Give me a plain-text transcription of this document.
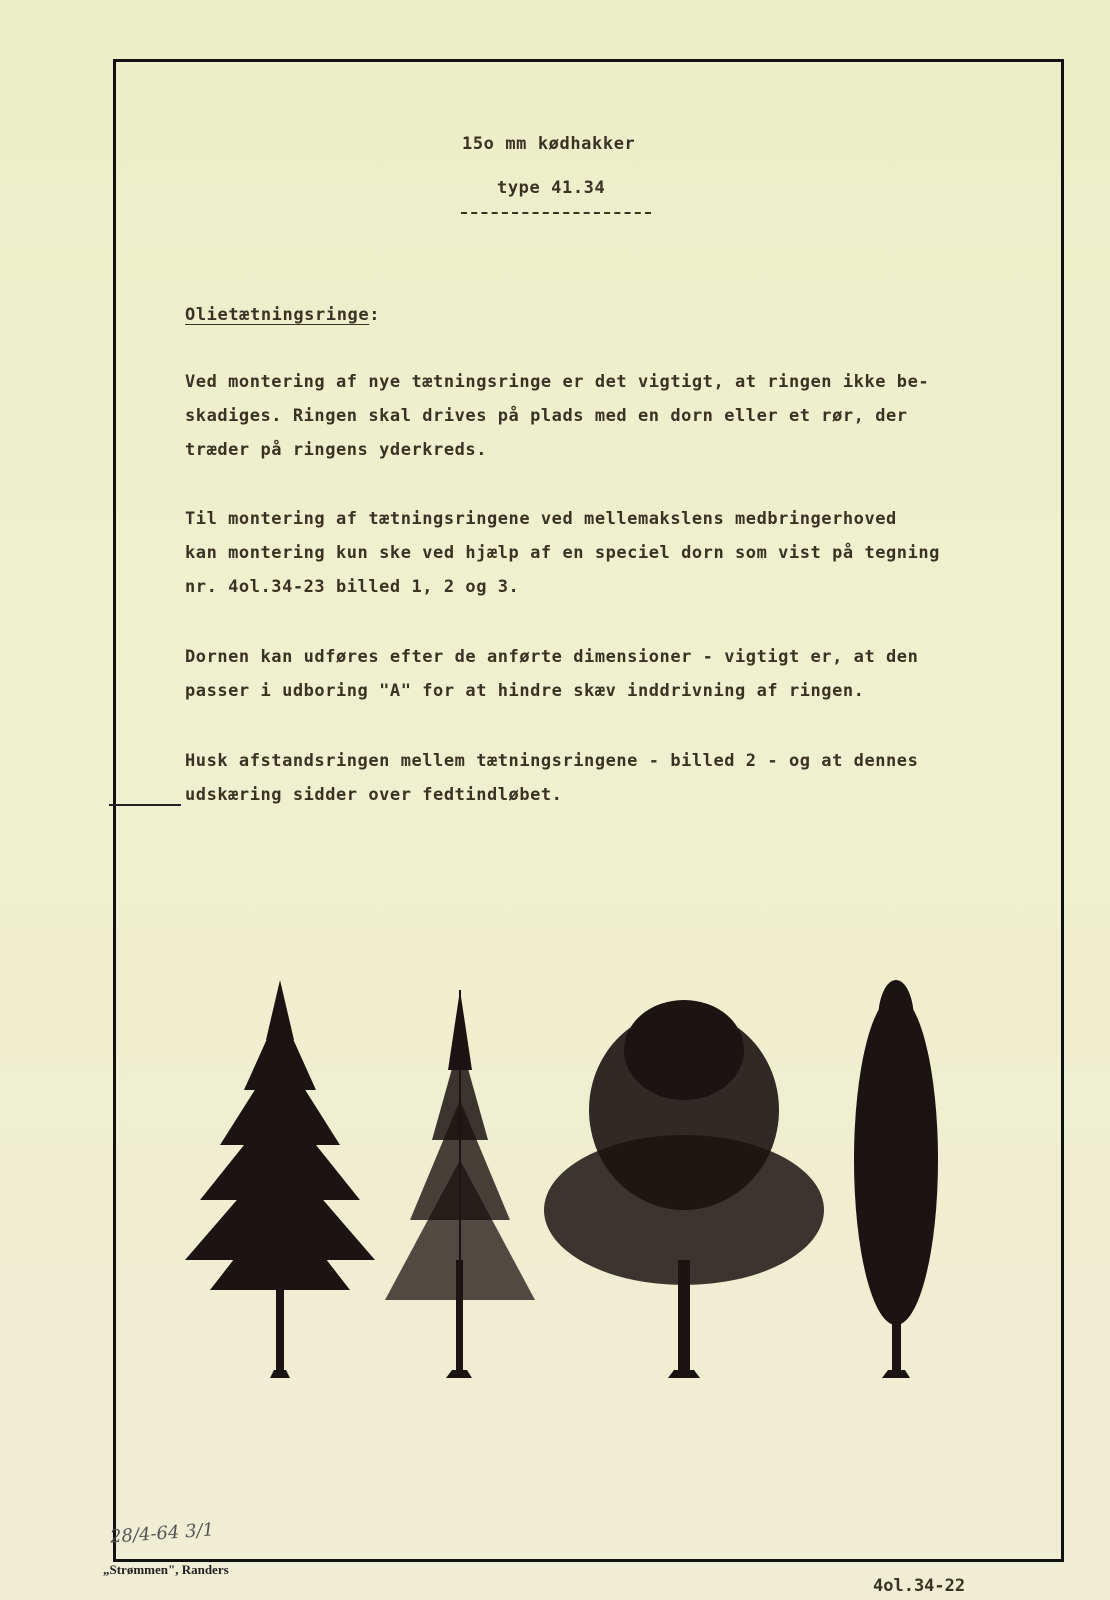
15o mm kødhakker
type 41.34
Olietætningsringe:
Ved montering af nye tætningsringe er det vigtigt, at ringen ikke be-
skadiges. Ringen skal drives på plads med en dorn eller et rør, der
træder på ringens yderkreds.
Til montering af tætningsringene ved mellemakslens medbringerhoved
kan montering kun ske ved hjælp af en speciel dorn som vist på tegning
nr. 4ol.34-23 billed 1, 2 og 3.
Dornen kan udføres efter de anførte dimensioner - vigtigt er, at den
passer i udboring "A" for at hindre skæv inddrivning af ringen.
Husk afstandsringen mellem tætningsringene - billed 2 - og at dennes
udskæring sidder over fedtindløbet.
28/4-64 3/1
„Strømmen", Randers
4ol.34-22
